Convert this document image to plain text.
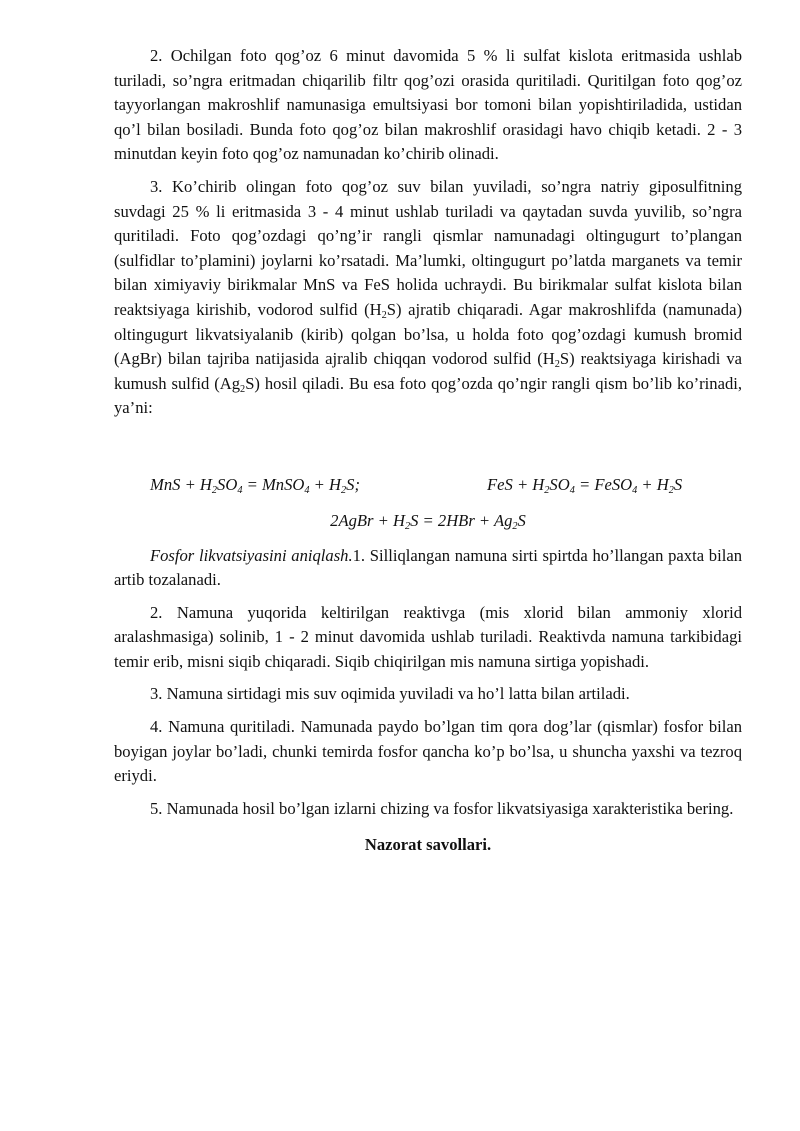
2. Ochilgan foto qog’oz 6 minut davomida 5 % li sulfat kislota eritmasida ushlab turiladi, so’ngra eritmadan chiqarilib filtr qog’ozi orasida quritiladi. Quritilgan foto qog’oz tayyorlangan makroshlif namunasiga emultsiyasi bor tomoni bilan yopishtiriladida, ustidan qo’l bilan bosiladi. Bunda foto qog’oz bilan makroshlif orasidagi havo chiqib ketadi. 2 - 3 minutdan keyin foto qog’oz namunadan ko’chirib olinadi.

3. Ko’chirib olingan foto qog’oz suv bilan yuviladi, so’ngra natriy giposulfitning suvdagi 25 % li eritmasida 3 - 4 minut ushlab turiladi va qaytadan suvda yuvilib, so’ngra quritiladi. Foto qog’ozdagi qo’ng’ir rangli qismlar namunadagi oltingugurt to’plangan (sulfidlar to’plamini) joylarni ko’rsatadi. Ma’lumki, oltingugurt po’latda marganets va temir bilan ximiyaviy birikmalar MnS va FeS holida uchraydi. Bu birikmalar sulfat kislota bilan reaktsiyaga kirishib, vodorod sulfid $(H_2S)$ ajratib chiqaradi. Agar makroshlifda (namunada) oltingugurt likvatsiyalanib (kirib) qolgan bo’lsa, u holda foto qog’ozdagi kumush bromid (AgBr) bilan tajriba natijasida ajralib chiqqan vodorod sulfid $(H_2S)$ reaktsiyaga kirishadi va kumush sulfid $(Ag_2S)$ hosil qiladi. Bu esa foto qog’ozda qo’ngir rangli qism bo’lib ko’rinadi, ya’ni:

MnS + $H_2SO_4$ = MnSO$_4$ + $H_2S$;	FeS + $H_2SO_4$ = FeSO$_4$ + $H_2S$

2AgBr + $H_2S = 2HBr + Ag_2S$

Fosfor likvatsiyasini aniqlash.1. Silliqlangan namuna sirti spirtda ho’llangan paxta bilan artib tozalanadi.

2. Namuna yuqorida keltirilgan reaktivga (mis xlorid bilan ammoniy xlorid aralashmasiga) solinib, 1 - 2 minut davomida ushlab turiladi. Reaktivda namuna tarkibidagi temir erib, misni siqib chiqaradi. Siqib chiqirilgan mis namuna sirtiga yopishadi.

3. Namuna sirtidagi mis suv oqimida yuviladi va ho’l latta bilan artiladi.

4. Namuna quritiladi. Namunada paydo bo’lgan tim qora dog’lar (qismlar) fosfor bilan boyigan joylar bo’ladi, chunki temirda fosfor qancha ko’p bo’lsa, u shuncha yaxshi va tezroq eriydi.

5. Namunada hosil bo’lgan izlarni chizing va fosfor likvatsiyasiga xarakteristika bering.

Nazorat savollari.
